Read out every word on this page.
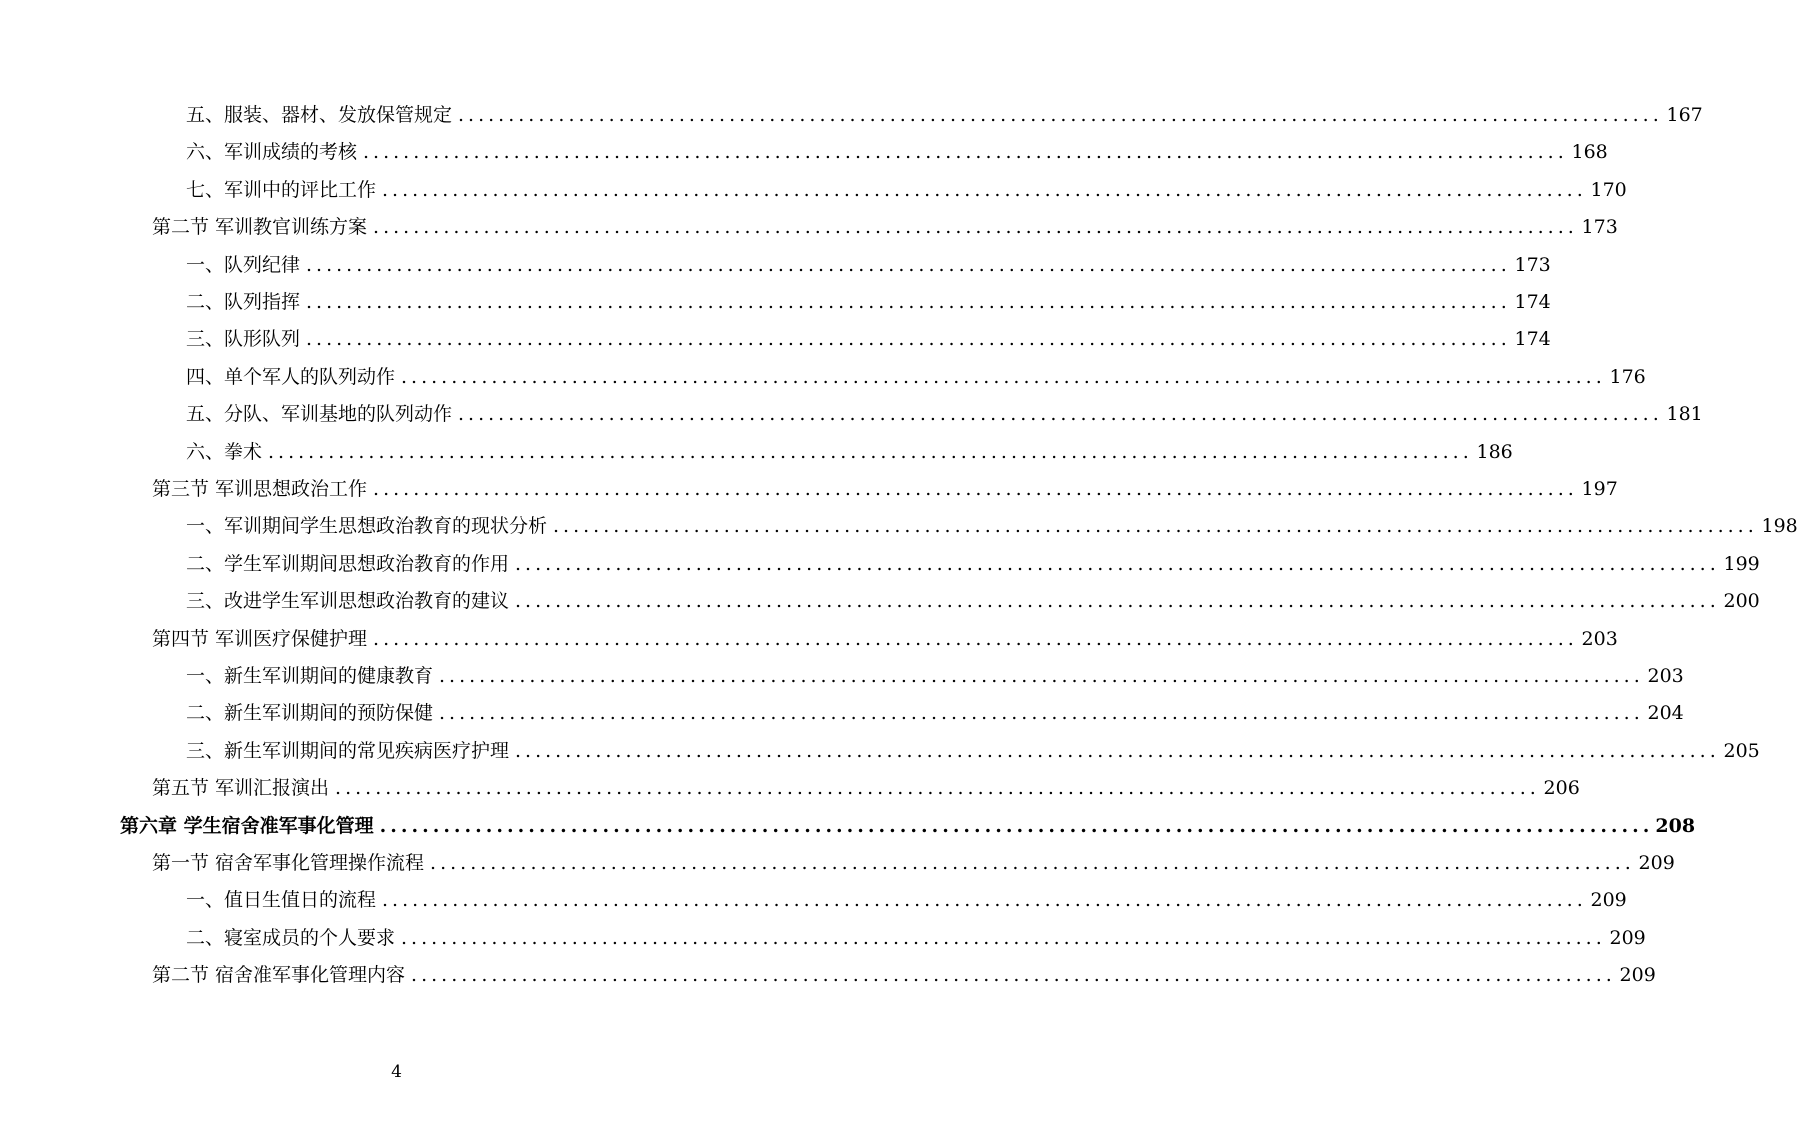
五、服装、器材、发放保管规定 ........................................................................................................................ 167
六、军训成绩的考核 ........................................................................................................................ 168
七、军训中的评比工作 ........................................................................................................................ 170
第二节 军训教官训练方案 ........................................................................................................................ 173
一、队列纪律 ........................................................................................................................ 173
二、队列指挥 ........................................................................................................................ 174
三、队形队列 ........................................................................................................................ 174
四、单个军人的队列动作 ........................................................................................................................ 176
五、分队、军训基地的队列动作 ........................................................................................................................ 181
六、拳术 ........................................................................................................................ 186
第三节 军训思想政治工作 ........................................................................................................................ 197
一、军训期间学生思想政治教育的现状分析 ........................................................................................................................ 198
二、学生军训期间思想政治教育的作用 ........................................................................................................................ 199
三、改进学生军训思想政治教育的建议 ........................................................................................................................ 200
第四节 军训医疗保健护理 ........................................................................................................................ 203
一、新生军训期间的健康教育 ........................................................................................................................ 203
二、新生军训期间的预防保健 ........................................................................................................................ 204
三、新生军训期间的常见疾病医疗护理 ........................................................................................................................ 205
第五节 军训汇报演出 ........................................................................................................................ 206
第六章 学生宿舍准军事化管理 ........................................................................................................................ 208
第一节 宿舍军事化管理操作流程 ........................................................................................................................ 209
一、值日生值日的流程 ........................................................................................................................ 209
二、寝室成员的个人要求 ........................................................................................................................ 209
第二节 宿舍准军事化管理内容 ........................................................................................................................ 209
4
